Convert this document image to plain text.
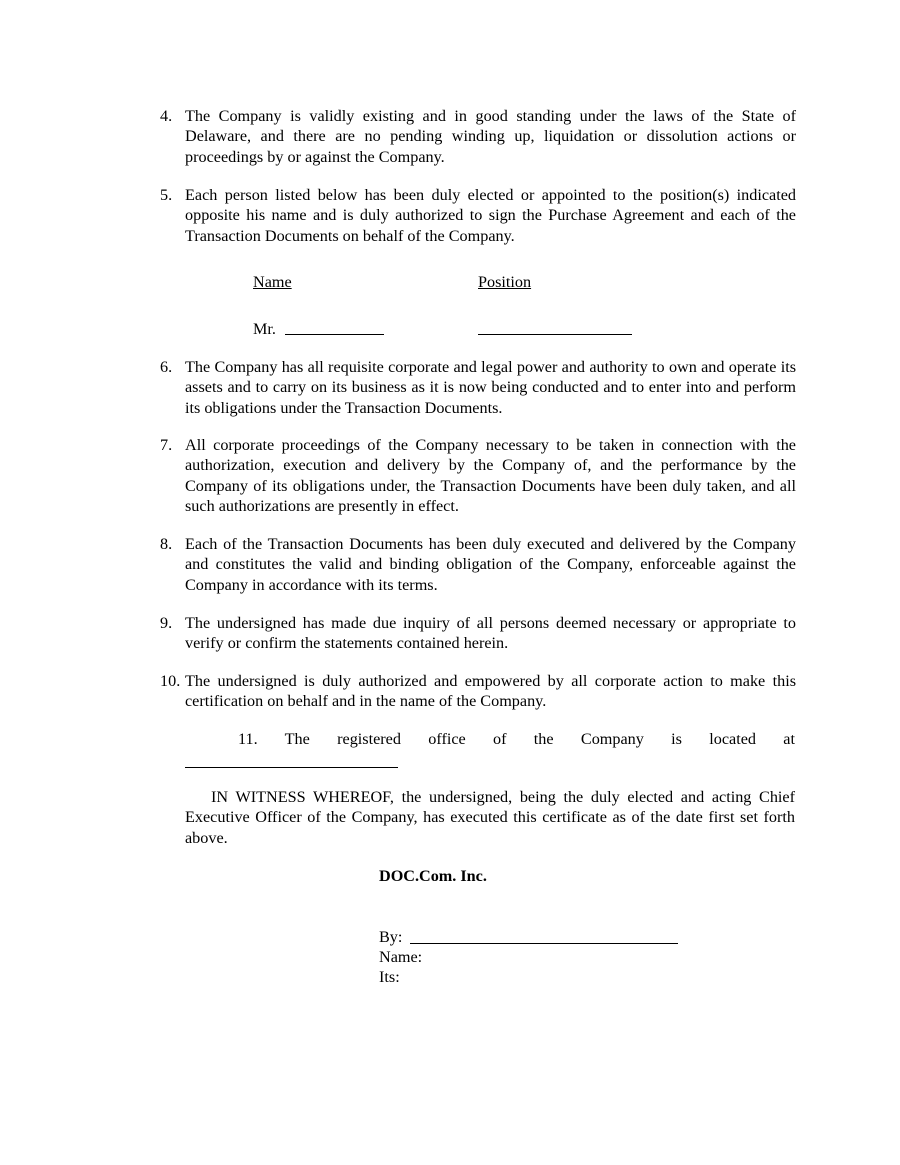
4. The Company is validly existing and in good standing under the laws of the State of Delaware, and there are no pending winding up, liquidation or dissolution actions or proceedings by or against the Company.
5. Each person listed below has been duly elected or appointed to the position(s) indicated opposite his name and is duly authorized to sign the Purchase Agreement and each of the Transaction Documents on behalf of the Company.
Name	Position
Mr.
6. The Company has all requisite corporate and legal power and authority to own and operate its assets and to carry on its business as it is now being conducted and to enter into and perform its obligations under the Transaction Documents.
7. All corporate proceedings of the Company necessary to be taken in connection with the authorization, execution and delivery by the Company of, and the performance by the Company of its obligations under, the Transaction Documents have been duly taken, and all such authorizations are presently in effect.
8. Each of the Transaction Documents has been duly executed and delivered by the Company and constitutes the valid and binding obligation of the Company, enforceable against the Company in accordance with its terms.
9. The undersigned has made due inquiry of all persons deemed necessary or appropriate to verify or confirm the statements contained herein.
10. The undersigned is duly authorized and empowered by all corporate action to make this certification on behalf and in the name of the Company.
11. The registered office of the Company is located at
IN WITNESS WHEREOF, the undersigned, being the duly elected and acting Chief Executive Officer of the Company, has executed this certificate as of the date first set forth above.
DOC.Com. Inc.
By:
Name:
Its:
